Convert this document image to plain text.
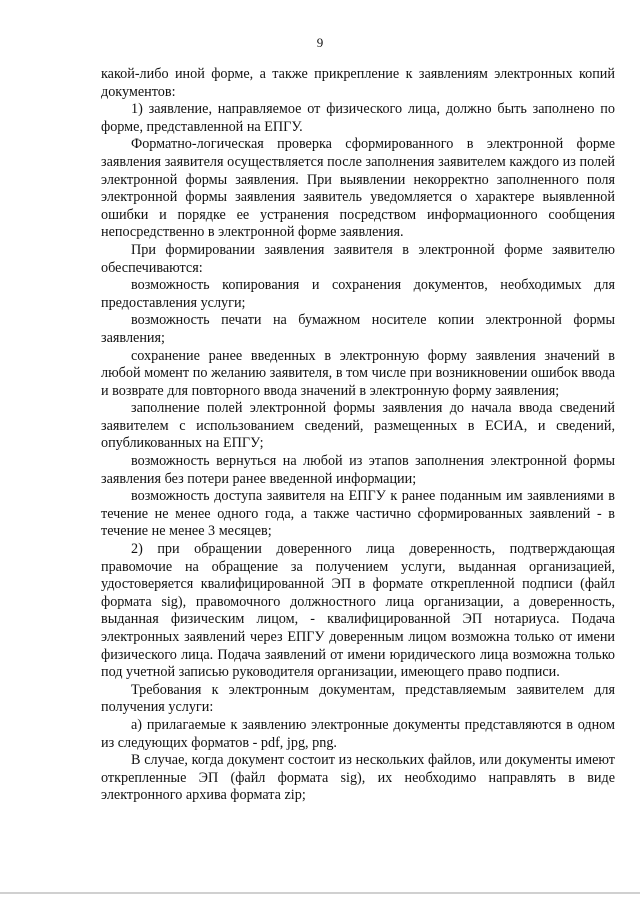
9

какой-либо иной форме, а также прикрепление к заявлениям электронных копий документов:

1) заявление, направляемое от физического лица, должно быть заполнено по форме, представленной на ЕПГУ.

Форматно-логическая проверка сформированного в электронной форме заявления заявителя осуществляется после заполнения заявителем каждого из полей электронной формы заявления. При выявлении некорректно заполненного поля электронной формы заявления заявитель уведомляется о характере выявленной ошибки и порядке ее устранения посредством информационного сообщения непосредственно в электронной форме заявления.

При формировании заявления заявителя в электронной форме заявителю обеспечиваются:

возможность копирования и сохранения документов, необходимых для предоставления услуги;

возможность печати на бумажном носителе копии электронной формы заявления;

сохранение ранее введенных в электронную форму заявления значений в любой момент по желанию заявителя, в том числе при возникновении ошибок ввода и возврате для повторного ввода значений в электронную форму заявления;

заполнение полей электронной формы заявления до начала ввода сведений заявителем с использованием сведений, размещенных в ЕСИА, и сведений, опубликованных на ЕПГУ;

возможность вернуться на любой из этапов заполнения электронной формы заявления без потери ранее введенной информации;

возможность доступа заявителя на ЕПГУ к ранее поданным им заявлениями в течение не менее одного года, а также частично сформированных заявлений - в течение не менее 3 месяцев;

2) при обращении доверенного лица доверенность, подтверждающая правомочие на обращение за получением услуги, выданная организацией, удостоверяется квалифицированной ЭП в формате открепленной подписи (файл формата sig), правомочного должностного лица организации, а доверенность, выданная физическим лицом, - квалифицированной ЭП нотариуса. Подача электронных заявлений через ЕПГУ доверенным лицом возможна только от имени физического лица. Подача заявлений от имени юридического лица возможна только под учетной записью руководителя организации, имеющего право подписи.

Требования к электронным документам, представляемым заявителем для получения услуги:

а) прилагаемые к заявлению электронные документы представляются в одном из следующих форматов - pdf, jpg, png.

В случае, когда документ состоит из нескольких файлов, или документы имеют открепленные ЭП (файл формата sig), их необходимо направлять в виде электронного архива формата zip;
